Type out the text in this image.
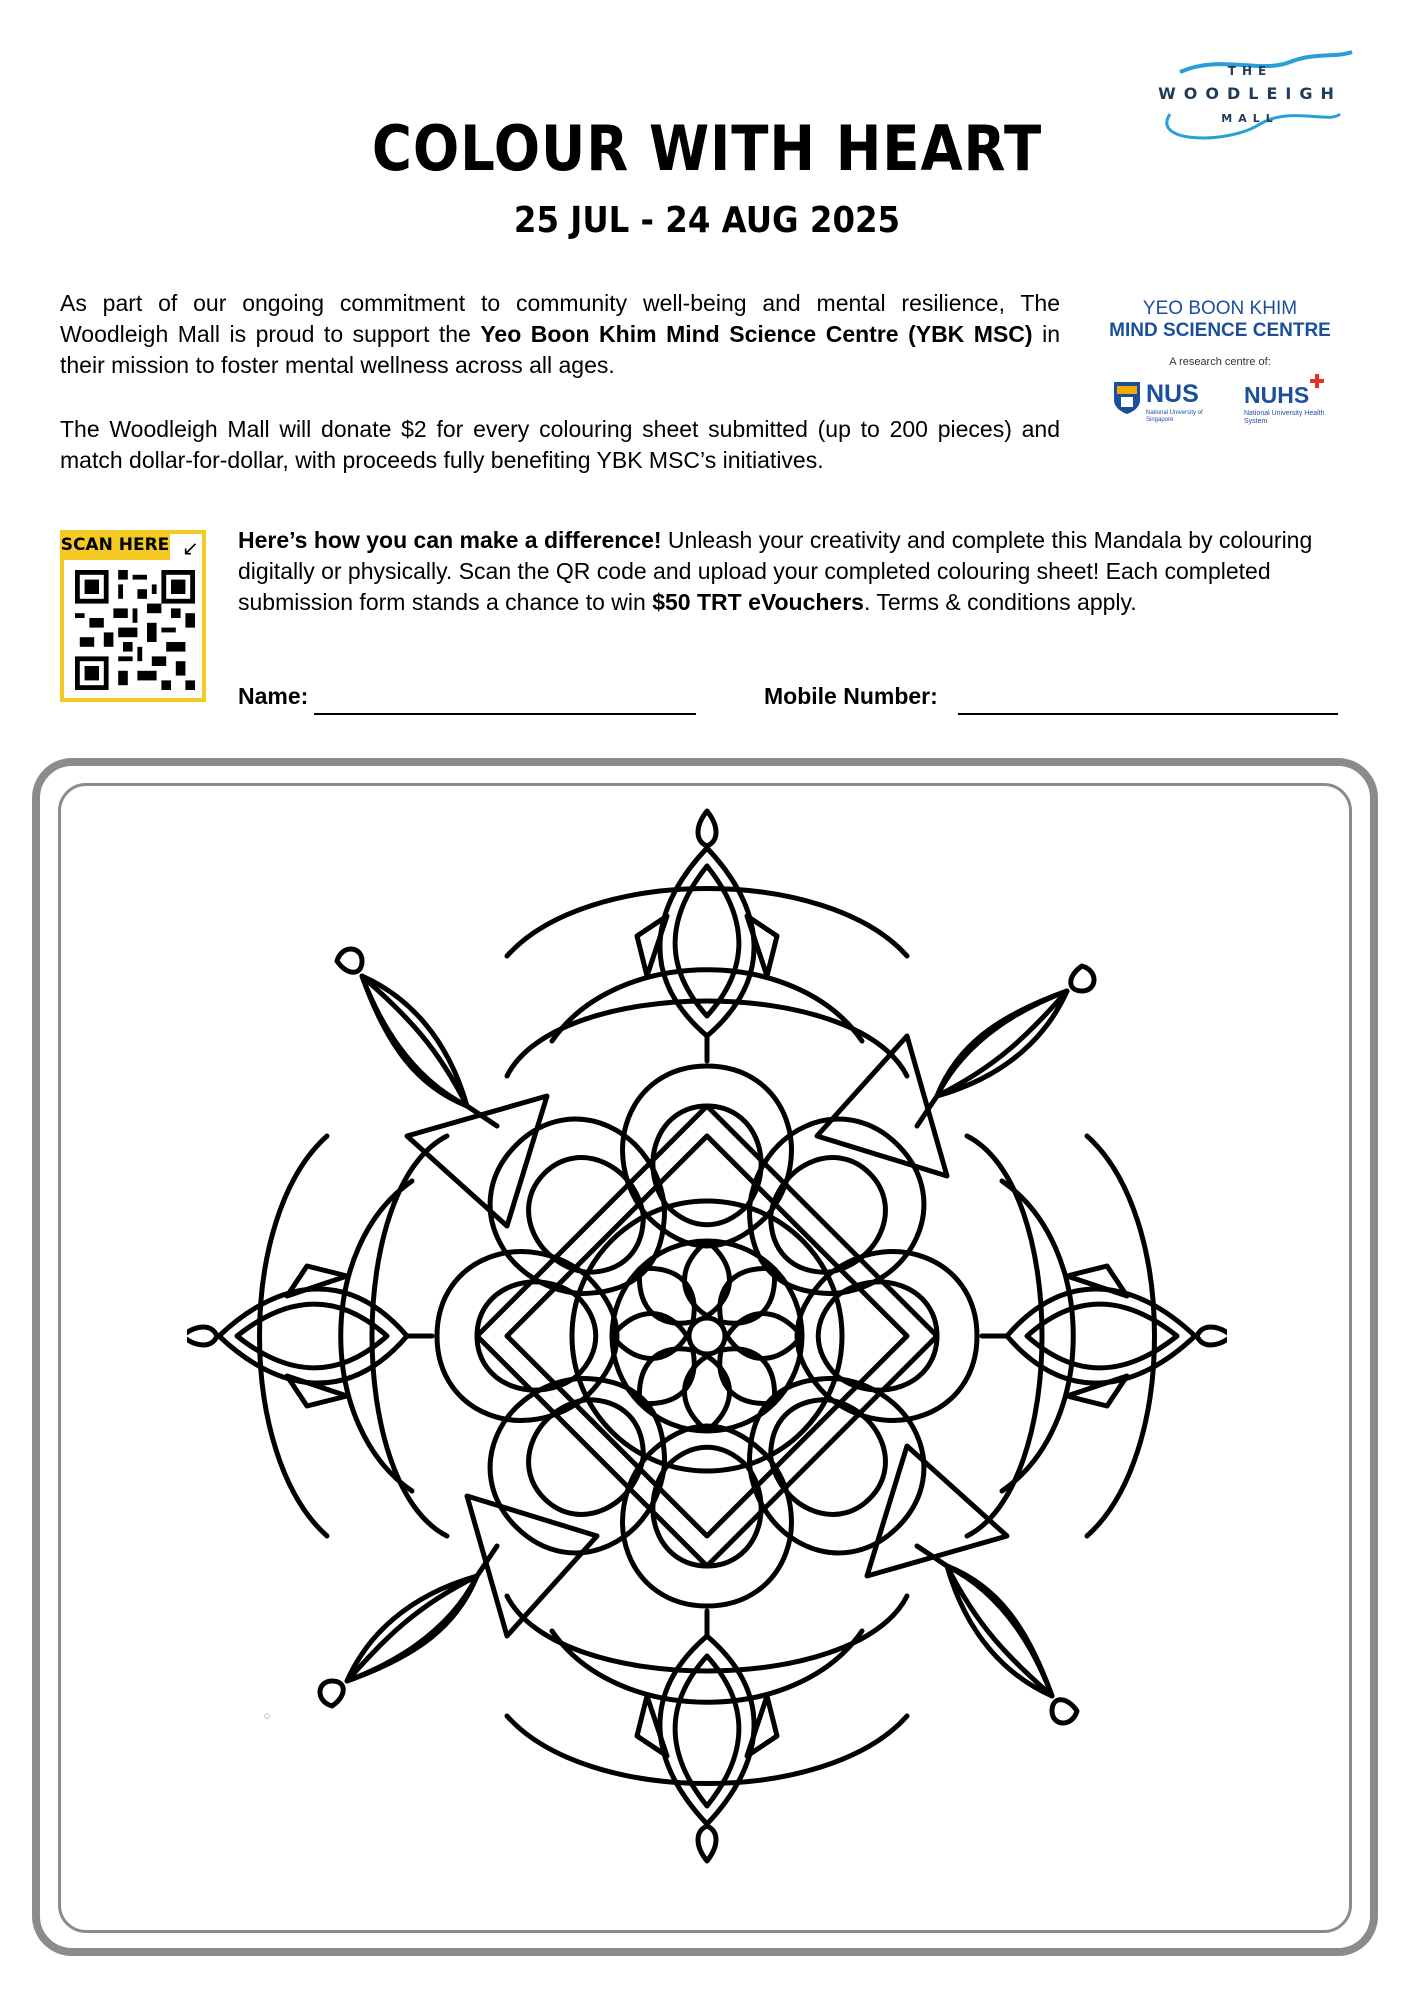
COLOUR WITH HEART
25 JUL - 24 AUG 2025
THE
WOODLEIGH
MALL
YEO BOON KHIM
MIND SCIENCE CENTRE
A research centre of:
NUS
National University of Singapore
NUHS
National University Health System
As part of our ongoing commitment to community well-being and mental resilience, The Woodleigh Mall is proud to support the Yeo Boon Khim Mind Science Centre (YBK MSC) in their mission to foster mental wellness across all ages.
The Woodleigh Mall will donate $2 for every colouring sheet submitted (up to 200 pieces) and match dollar-for-dollar, with proceeds fully benefiting YBK MSC’s initiatives.
SCAN HERE ↙ Here’s how you can make a difference! Unleash your creativity and complete this Mandala by colouring digitally or physically. Scan the QR code and upload your completed colouring sheet! Each completed submission form stands a chance to win $50 TRT eVouchers. Terms & conditions apply.
Name:	Mobile Number:
